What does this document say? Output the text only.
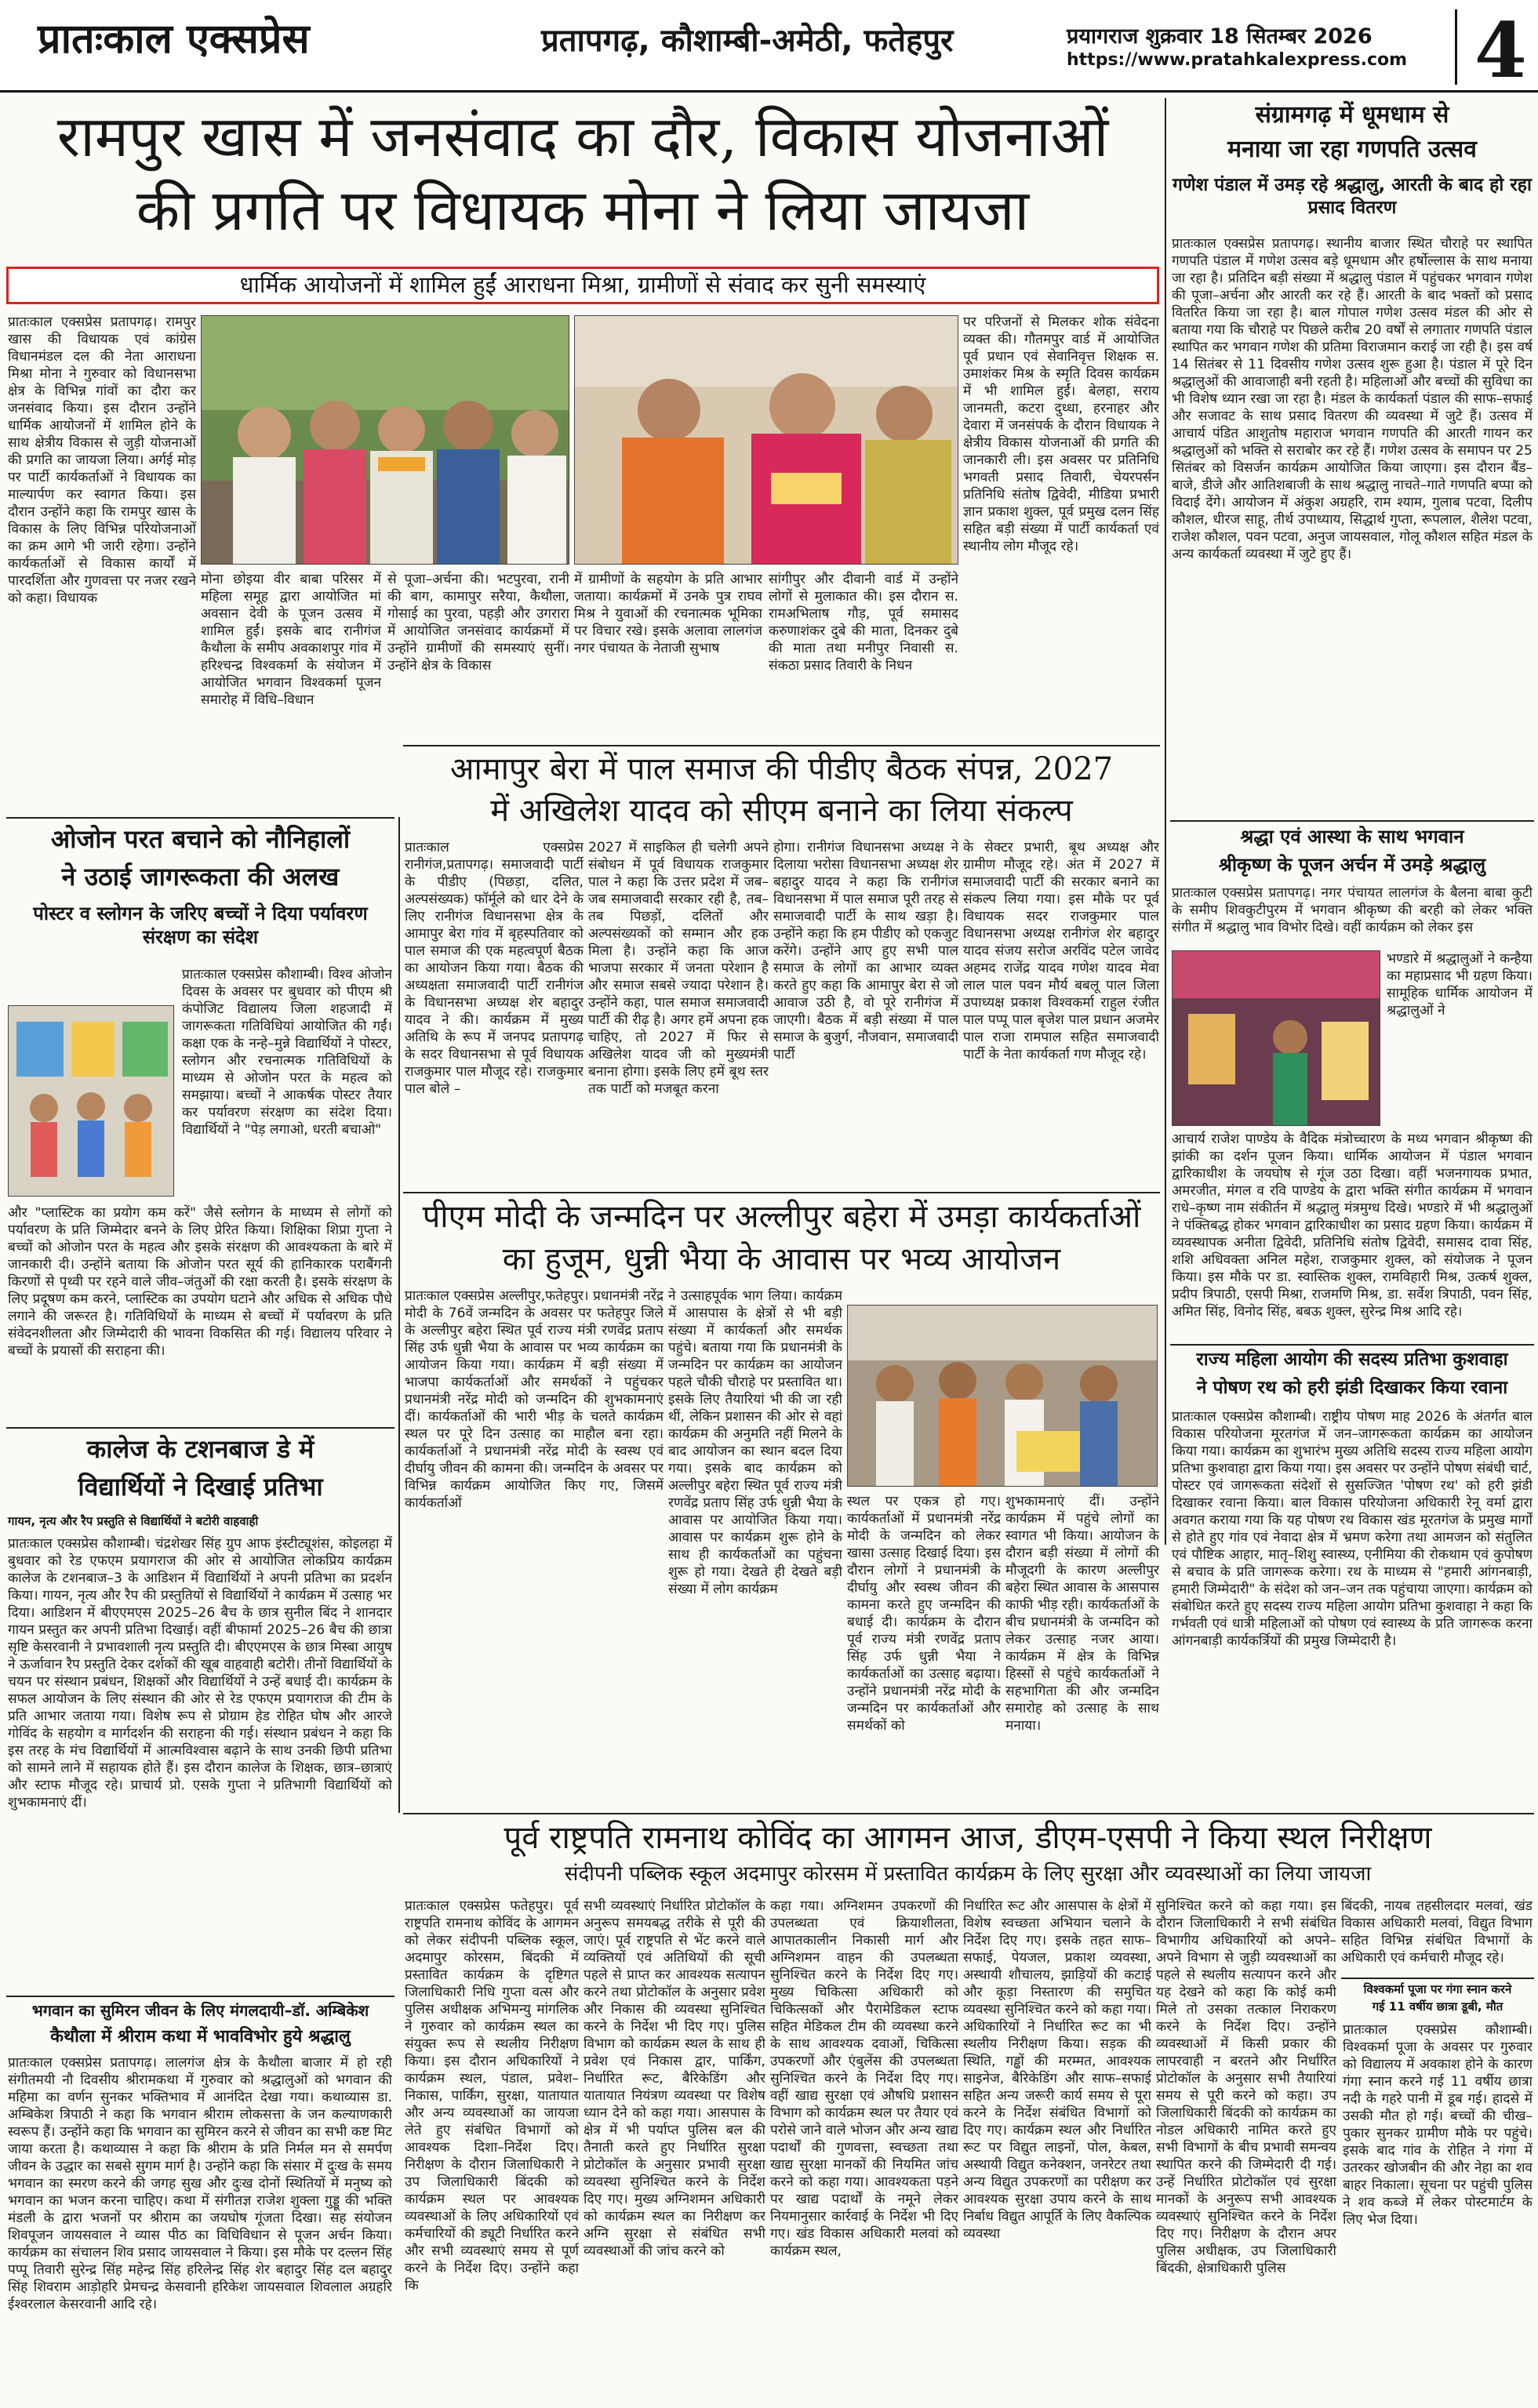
प्रातःकाल एक्सप्रेस	प्रतापगढ़, कौशाम्बी-अमेठी, फतेहपुर	प्रयागराज शुक्रवार 18 सितम्बर 2026
https://www.pratahkalexpress.com 4
रामपुर खास में जनसंवाद का दौर, विकास योजनाओं
की प्रगति पर विधायक मोना ने लिया जायजा
धार्मिक आयोजनों में शामिल हुईं आराधना मिश्रा, ग्रामीणों से संवाद कर सुनी समस्याएं
प्रातःकाल एक्सप्रेस प्रतापगढ़। रामपुर खास की विधायक एवं कांग्रेस विधानमंडल दल की नेता आराधना मिश्रा मोना ने गुरुवार को विधानसभा क्षेत्र के विभिन्न गांवों का दौरा कर जनसंवाद किया। इस दौरान उन्होंने धार्मिक आयोजनों में शामिल होने के साथ क्षेत्रीय विकास से जुड़ी योजनाओं की प्रगति का जायजा लिया। अर्गई मोड़ पर पार्टी कार्यकर्ताओं ने विधायक का माल्यार्पण कर स्वागत किया। इस दौरान उन्होंने कहा कि रामपुर खास के विकास के लिए विभिन्न परियोजनाओं का क्रम आगे भी जारी रहेगा। उन्होंने कार्यकर्ताओं से विकास कार्यों में पारदर्शिता और गुणवत्ता पर नजर रखने को कहा। विधायक
पर परिजनों से मिलकर शोक संवेदना व्यक्त की। गौतमपुर वार्ड में आयोजित पूर्व प्रधान एवं सेवानिवृत्त शिक्षक स. उमाशंकर मिश्र के स्मृति दिवस कार्यक्रम में भी शामिल हुईं। बेलहा, सराय जानमती, कटरा दुध्धा, हरनाहर और देवारा में जनसंपर्क के दौरान विधायक ने क्षेत्रीय विकास योजनाओं की प्रगति की जानकारी ली। इस अवसर पर प्रतिनिधि भगवती प्रसाद तिवारी, चेयरपर्सन प्रतिनिधि संतोष द्विवेदी, मीडिया प्रभारी ज्ञान प्रकाश शुक्ल, पूर्व प्रमुख दलन सिंह सहित बड़ी संख्या में पार्टी कार्यकर्ता एवं स्थानीय लोग मौजूद रहे।
मोना छोइया वीर बाबा परिसर में महिला समूह द्वारा आयोजित मां अवसान देवी के पूजन उत्सव में शामिल हुईं। इसके बाद रानीगंज कैथौला के समीप अवकाशपुर गांव में हरिश्चन्द्र विश्वकर्मा के संयोजन में आयोजित भगवान विश्वकर्मा पूजन समारोह में विधि–विधान
से पूजा–अर्चना की। भटपुरवा, रानी की बाग, कामापुर सरैया, कैथौला, गोसाई का पुरवा, पहड़ी और उगरारा में आयोजित जनसंवाद कार्यक्रमों में उन्होंने ग्रामीणों की समस्याएं सुनीं। उन्होंने क्षेत्र के विकास
में ग्रामीणों के सहयोग के प्रति आभार जताया। कार्यक्रमों में उनके पुत्र राघव मिश्र ने युवाओं की रचनात्मक भूमिका पर विचार रखे। इसके अलावा लालगंज नगर पंचायत के नेताजी सुभाष
सांगीपुर और दीवानी वार्ड में उन्होंने लोगों से मुलाकात की। इस दौरान स. रामअभिलाष गौड़, पूर्व समासद करुणाशंकर दुबे की माता, दिनकर दुबे की माता तथा मनीपुर निवासी स. संकठा प्रसाद तिवारी के निधन
ओजोन परत बचाने को नौनिहालों
ने उठाई जागरूकता की अलख
पोस्टर व स्लोगन के जरिए बच्चों ने दिया पर्यावरण संरक्षण का संदेश
प्रातःकाल एक्सप्रेस कौशाम्बी। विश्व ओजोन दिवस के अवसर पर बुधवार को पीएम श्री कंपोजिट विद्यालय जिला शहजादी में जागरूकता गतिविधियां आयोजित की गईं। कक्षा एक के नन्हे–मुन्ने विद्यार्थियों ने पोस्टर, स्लोगन और रचनात्मक गतिविधियों के माध्यम से ओजोन परत के महत्व को समझाया। बच्चों ने आकर्षक पोस्टर तैयार कर पर्यावरण संरक्षण का संदेश दिया। विद्यार्थियों ने "पेड़ लगाओ, धरती बचाओ"
और "प्लास्टिक का प्रयोग कम करें" जैसे स्लोगन के माध्यम से लोगों को पर्यावरण के प्रति जिम्मेदार बनने के लिए प्रेरित किया। शिक्षिका शिप्रा गुप्ता ने बच्चों को ओजोन परत के महत्व और इसके संरक्षण की आवश्यकता के बारे में जानकारी दी। उन्होंने बताया कि ओजोन परत सूर्य की हानिकारक पराबैंगनी किरणों से पृथ्वी पर रहने वाले जीव–जंतुओं की रक्षा करती है। इसके संरक्षण के लिए प्रदूषण कम करने, प्लास्टिक का उपयोग घटाने और अधिक से अधिक पौधे लगाने की जरूरत है। गतिविधियों के माध्यम से बच्चों में पर्यावरण के प्रति संवेदनशीलता और जिम्मेदारी की भावना विकसित की गई। विद्यालय परिवार ने बच्चों के प्रयासों की सराहना की।
कालेज के टशनबाज डे में
विद्यार्थियों ने दिखाई प्रतिभा
गायन, नृत्य और रैप प्रस्तुति से विद्यार्थियों ने बटोरी वाहवाही
प्रातःकाल एक्सप्रेस कौशाम्बी। चंद्रशेखर सिंह ग्रुप आफ इंस्टीट्यूशंस, कोइलहा में बुधवार को रेड एफएम प्रयागराज की ओर से आयोजित लोकप्रिय कार्यक्रम कालेज के टशनबाज–3 के आडिशन में विद्यार्थियों ने अपनी प्रतिभा का प्रदर्शन किया। गायन, नृत्य और रैप की प्रस्तुतियों से विद्यार्थियों ने कार्यक्रम में उत्साह भर दिया। आडिशन में बीएएमएस 2025–26 बैच के छात्र सुनील बिंद ने शानदार गायन प्रस्तुत कर अपनी प्रतिभा दिखाई। वहीं बीफार्मा 2025–26 बैच की छात्रा सृष्टि केसरवानी ने प्रभावशाली नृत्य प्रस्तुति दी। बीएएमएस के छात्र मिस्बा आयुष ने ऊर्जावान रैप प्रस्तुति देकर दर्शकों की खूब वाहवाही बटोरी। तीनों विद्यार्थियों के चयन पर संस्थान प्रबंधन, शिक्षकों और विद्यार्थियों ने उन्हें बधाई दी। कार्यक्रम के सफल आयोजन के लिए संस्थान की ओर से रेड एफएम प्रयागराज की टीम के प्रति आभार जताया गया। विशेष रूप से प्रोग्राम हेड रोहित घोष और आरजे गोविंद के सहयोग व मार्गदर्शन की सराहना की गई। संस्थान प्रबंधन ने कहा कि इस तरह के मंच विद्यार्थियों में आत्मविश्वास बढ़ाने के साथ उनकी छिपी प्रतिभा को सामने लाने में सहायक होते हैं। इस दौरान कालेज के शिक्षक, छात्र–छात्राएं और स्टाफ मौजूद रहे। प्राचार्य प्रो. एसके गुप्ता ने प्रतिभागी विद्यार्थियों को शुभकामनाएं दीं।
भगवान का सुमिरन जीवन के लिए मंगलदायी–डॉ. अम्बिकेश
कैथौला में श्रीराम कथा में भावविभोर हुये श्रद्धालु
प्रातःकाल एक्सप्रेस प्रतापगढ़। लालगंज क्षेत्र के कैथौला बाजार में हो रही संगीतमयी नौ दिवसीय श्रीरामकथा में गुरुवार को श्रद्धालुओं को भगवान की महिमा का वर्णन सुनकर भक्तिभाव में आनंदित देखा गया। कथाव्यास डा. अम्बिकेश त्रिपाठी ने कहा कि भगवान श्रीराम लोकसत्ता के जन कल्याणकारी स्वरूप हैं। उन्होंने कहा कि भगवान का सुमिरन करने से जीवन का सभी कष्ट मिट जाया करता है। कथाव्यास ने कहा कि श्रीराम के प्रति निर्मल मन से समर्पण जीवन के उद्धार का सबसे सुगम मार्ग है। उन्होंने कहा कि संसार में दुःख के समय भगवान का स्मरण करने की जगह सुख और दुःख दोनों स्थितियों में मनुष्य को भगवान का भजन करना चाहिए। कथा में संगीतज्ञ राजेश शुक्ला गुड्डू की भक्ति मंडली के द्वारा भजनों पर श्रीराम का जयघोष गूंजता दिखा। सह संयोजन शिवपूजन जायसवाल ने व्यास पीठ का विधिविधान से पूजन अर्चन किया। कार्यक्रम का संचालन शिव प्रसाद जायसवाल ने किया। इस मौके पर दल्लन सिंह पप्पू तिवारी सुरेन्द्र सिंह महेन्द्र सिंह हरिलेन्द्र सिंह शेर बहादुर सिंह दल बहादुर सिंह शिवराम आड़ोहरि प्रेमचन्द्र केसवानी हरिकेश जायसवाल शिवलाल अग्रहरि ईश्वरलाल केसरवानी आदि रहे।
आमापुर बेरा में पाल समाज की पीडीए बैठक संपन्न, 2027
में अखिलेश यादव को सीएम बनाने का लिया संकल्प
प्रातःकाल एक्सप्रेस रानीगंज,प्रतापगढ़। समाजवादी पार्टी के पीडीए (पिछड़ा, दलित, अल्पसंख्यक) फॉर्मूले को धार देने के लिए रानीगंज विधानसभा क्षेत्र के आमापुर बेरा गांव में बृहस्पतिवार को पाल समाज की एक महत्वपूर्ण बैठक का आयोजन किया गया। बैठक की अध्यक्षता समाजवादी पार्टी रानीगंज के विधानसभा अध्यक्ष शेर बहादुर यादव ने की। कार्यक्रम में मुख्य अतिथि के रूप में जनपद प्रतापगढ़ के सदर विधानसभा से पूर्व विधायक राजकुमार पाल मौजूद रहे। राजकुमार पाल बोले –
2027 में साइकिल ही चलेगी अपने संबोधन में पूर्व विधायक राजकुमार पाल ने कहा कि उत्तर प्रदेश में जब–जब समाजवादी सरकार रही है, तब–तब पिछड़ों, दलितों और अल्पसंख्यकों को सम्मान और हक मिला है। उन्होंने कहा कि आज भाजपा सरकार में जनता परेशान है और समाज सबसे ज्यादा परेशान है। उन्होंने कहा, पाल समाज समाजवादी पार्टी की रीढ़ है। अगर हमें अपना हक चाहिए, तो 2027 में फिर से अखिलेश यादव जी को मुख्यमंत्री बनाना होगा। इसके लिए हमें बूथ स्तर तक पार्टी को मजबूत करना
होगा। रानीगंज विधानसभा अध्यक्ष ने दिलाया भरोसा विधानसभा अध्यक्ष शेर बहादुर यादव ने कहा कि रानीगंज विधानसभा में पाल समाज पूरी तरह से समाजवादी पार्टी के साथ खड़ा है। उन्होंने कहा कि हम पीडीए को एकजुट करेंगे। उन्होंने आए हुए सभी पाल समाज के लोगों का आभार व्यक्त करते हुए कहा कि आमापुर बेरा से जो आवाज उठी है, वो पूरे रानीगंज में जाएगी। बैठक में बड़ी संख्या में पाल समाज के बुजुर्ग, नौजवान, समाजवादी पार्टी
के सेक्टर प्रभारी, बूथ अध्यक्ष और ग्रामीण मौजूद रहे। अंत में 2027 में समाजवादी पार्टी की सरकार बनाने का संकल्प लिया गया। इस मौके पर पूर्व विधायक सदर राजकुमार पाल विधानसभा अध्यक्ष रानीगंज शेर बहादुर यादव संजय सरोज अरविंद पटेल जावेद अहमद राजेंद्र यादव गणेश यादव मेवा लाल पाल पवन मौर्य बबलू पाल जिला उपाध्यक्ष प्रकाश विश्वकर्मा राहुल रंजीत पाल पप्पू पाल बृजेश पाल प्रधान अजमेर पाल राजा रामपाल सहित समाजवादी पार्टी के नेता कार्यकर्ता गण मौजूद रहे।
पीएम मोदी के जन्मदिन पर अल्लीपुर बहेरा में उमड़ा कार्यकर्ताओं
का हुजूम, धुन्नी भैया के आवास पर भव्य आयोजन
प्रातःकाल एक्सप्रेस अल्लीपुर,फतेहपुर। प्रधानमंत्री नरेंद्र मोदी के 76वें जन्मदिन के अवसर पर फतेहपुर जिले के अल्लीपुर बहेरा स्थित पूर्व राज्य मंत्री रणवेंद्र प्रताप सिंह उर्फ धुन्नी भैया के आवास पर भव्य कार्यक्रम का आयोजन किया गया। कार्यक्रम में बड़ी संख्या में भाजपा कार्यकर्ताओं और समर्थकों ने पहुंचकर प्रधानमंत्री नरेंद्र मोदी को जन्मदिन की शुभकामनाएं दीं। कार्यकर्ताओं की भारी भीड़ के चलते कार्यक्रम स्थल पर पूरे दिन उत्साह का माहौल बना रहा। कार्यकर्ताओं ने प्रधानमंत्री नरेंद्र मोदी के स्वस्थ एवं दीर्घायु जीवन की कामना की। जन्मदिन के अवसर पर विभिन्न कार्यक्रम आयोजित किए गए, जिसमें कार्यकर्ताओं
ने उत्साहपूर्वक भाग लिया। कार्यक्रम में आसपास के क्षेत्रों से भी बड़ी संख्या में कार्यकर्ता और समर्थक पहुंचे। बताया गया कि प्रधानमंत्री के जन्मदिन पर कार्यक्रम का आयोजन पहले चौकी चौराहे पर प्रस्तावित था। इसके लिए तैयारियां भी की जा रही थीं, लेकिन प्रशासन की ओर से वहां कार्यक्रम की अनुमति नहीं मिलने के बाद आयोजन का स्थान बदल दिया गया। इसके बाद कार्यक्रम को अल्लीपुर बहेरा स्थित पूर्व राज्य मंत्री रणवेंद्र प्रताप सिंह उर्फ धुन्नी भैया के आवास पर आयोजित किया गया। आवास पर कार्यक्रम शुरू होने के साथ ही कार्यकर्ताओं का पहुंचना शुरू हो गया। देखते ही देखते बड़ी संख्या में लोग कार्यक्रम
स्थल पर एकत्र हो गए। कार्यकर्ताओं में प्रधानमंत्री नरेंद्र मोदी के जन्मदिन को लेकर खासा उत्साह दिखाई दिया। इस दौरान लोगों ने प्रधानमंत्री के दीर्घायु और स्वस्थ जीवन की कामना करते हुए जन्मदिन की बधाई दी। कार्यक्रम के दौरान पूर्व राज्य मंत्री रणवेंद्र प्रताप सिंह उर्फ धुन्नी भैया ने कार्यकर्ताओं का उत्साह बढ़ाया। उन्होंने प्रधानमंत्री नरेंद्र मोदी के जन्मदिन पर कार्यकर्ताओं और समर्थकों को
शुभकामनाएं दीं। उन्होंने कार्यक्रम में पहुंचे लोगों का स्वागत भी किया। आयोजन के दौरान बड़ी संख्या में लोगों की मौजूदगी के कारण अल्लीपुर बहेरा स्थित आवास के आसपास काफी भीड़ रही। कार्यकर्ताओं के बीच प्रधानमंत्री के जन्मदिन को लेकर उत्साह नजर आया। कार्यक्रम में क्षेत्र के विभिन्न हिस्सों से पहुंचे कार्यकर्ताओं ने सहभागिता की और जन्मदिन समारोह को उत्साह के साथ मनाया।
पूर्व राष्ट्रपति रामनाथ कोविंद का आगमन आज, डीएम-एसपी ने किया स्थल निरीक्षण
संदीपनी पब्लिक स्कूल अदमापुर कोरसम में प्रस्तावित कार्यक्रम के लिए सुरक्षा और व्यवस्थाओं का लिया जायजा
प्रातःकाल एक्सप्रेस फतेहपुर। पूर्व राष्ट्रपति रामनाथ कोविंद के आगमन को लेकर संदीपनी पब्लिक स्कूल, अदमापुर कोरसम, बिंदकी में प्रस्तावित कार्यक्रम के दृष्टिगत जिलाधिकारी निधि गुप्ता वत्स और पुलिस अधीक्षक अभिमन्यु मांगलिक ने गुरुवार को कार्यक्रम स्थल का संयुक्त रूप से स्थलीय निरीक्षण किया। इस दौरान अधिकारियों ने कार्यक्रम स्थल, पंडाल, प्रवेश–निकास, पार्किंग, सुरक्षा, यातायात और अन्य व्यवस्थाओं का जायजा लेते हुए संबंधित विभागों को आवश्यक दिशा–निर्देश दिए। निरीक्षण के दौरान जिलाधिकारी ने उप जिलाधिकारी बिंदकी को कार्यक्रम स्थल पर आवश्यक व्यवस्थाओं के लिए अधिकारियों एवं कर्मचारियों की ड्यूटी निर्धारित करने और सभी व्यवस्थाएं समय से पूर्ण करने के निर्देश दिए। उन्होंने कहा कि
सभी व्यवस्थाएं निर्धारित प्रोटोकॉल के अनुरूप समयबद्ध तरीके से पूरी की जाएं। पूर्व राष्ट्रपति से भेंट करने वाले व्यक्तियों एवं अतिथियों की सूची पहले से प्राप्त कर आवश्यक सत्यापन करने तथा प्रोटोकॉल के अनुसार प्रवेश और निकास की व्यवस्था सुनिश्चित करने के निर्देश भी दिए गए। पुलिस विभाग को कार्यक्रम स्थल के साथ ही प्रवेश एवं निकास द्वार, पार्किंग, निर्धारित रूट, बैरिकेडिंग और यातायात नियंत्रण व्यवस्था पर विशेष ध्यान देने को कहा गया। आसपास के क्षेत्र में भी पर्याप्त पुलिस बल की तैनाती करते हुए निर्धारित सुरक्षा प्रोटोकॉल के अनुसार प्रभावी सुरक्षा व्यवस्था सुनिश्चित करने के निर्देश दिए गए। मुख्य अग्निशमन अधिकारी को कार्यक्रम स्थल का निरीक्षण कर अग्नि सुरक्षा से संबंधित सभी व्यवस्थाओं की जांच करने को
कहा गया। अग्निशमन उपकरणों की उपलब्धता एवं क्रियाशीलता, आपातकालीन निकासी मार्ग और अग्निशमन वाहन की उपलब्धता सुनिश्चित करने के निर्देश दिए गए। मुख्य चिकित्सा अधिकारी को चिकित्सकों और पैरामेडिकल स्टाफ सहित मेडिकल टीम की व्यवस्था करने के साथ आवश्यक दवाओं, चिकित्सा उपकरणों और एंबुलेंस की उपलब्धता सुनिश्चित करने के निर्देश दिए गए। वहीं खाद्य सुरक्षा एवं औषधि प्रशासन विभाग को कार्यक्रम स्थल पर तैयार एवं परोसे जाने वाले भोजन और अन्य खाद्य पदार्थों की गुणवत्ता, स्वच्छता तथा खाद्य सुरक्षा मानकों की नियमित जांच करने को कहा गया। आवश्यकता पड़ने पर खाद्य पदार्थों के नमूने लेकर नियमानुसार कार्रवाई के निर्देश भी दिए गए। खंड विकास अधिकारी मलवां को कार्यक्रम स्थल,
निर्धारित रूट और आसपास के क्षेत्रों में विशेष स्वच्छता अभियान चलाने के निर्देश दिए गए। इसके तहत साफ–सफाई, पेयजल, प्रकाश व्यवस्था, अस्थायी शौचालय, झाड़ियों की कटाई और कूड़ा निस्तारण की समुचित व्यवस्था सुनिश्चित करने को कहा गया। अधिकारियों ने निर्धारित रूट का भी स्थलीय निरीक्षण किया। सड़क की स्थिति, गड्ढों की मरम्मत, आवश्यक साइनेज, बैरिकेडिंग और साफ–सफाई सहित अन्य जरूरी कार्य समय से पूरा करने के निर्देश संबंधित विभागों को दिए गए। कार्यक्रम स्थल और निर्धारित रूट पर विद्युत लाइनों, पोल, केबल, अस्थायी विद्युत कनेक्शन, जनरेटर तथा अन्य विद्युत उपकरणों का परीक्षण कर आवश्यक सुरक्षा उपाय करने के साथ निर्बाध विद्युत आपूर्ति के लिए वैकल्पिक व्यवस्था
सुनिश्चित करने को कहा गया। इस दौरान जिलाधिकारी ने सभी संबंधित विभागीय अधिकारियों को अपने–अपने विभाग से जुड़ी व्यवस्थाओं का पहले से स्थलीय सत्यापन करने और यह देखने को कहा कि कोई कमी मिले तो उसका तत्काल निराकरण करने के निर्देश दिए। उन्होंने व्यवस्थाओं में किसी प्रकार की लापरवाही न बरतने और निर्धारित प्रोटोकॉल के अनुसार सभी तैयारियां समय से पूरी करने को कहा। उप जिलाधिकारी बिंदकी को कार्यक्रम का नोडल अधिकारी नामित करते हुए सभी विभागों के बीच प्रभावी समन्वय स्थापित करने की जिम्मेदारी दी गई। उन्हें निर्धारित प्रोटोकॉल एवं सुरक्षा मानकों के अनुरूप सभी आवश्यक व्यवस्थाएं सुनिश्चित करने के निर्देश दिए गए। निरीक्षण के दौरान अपर पुलिस अधीक्षक, उप जिलाधिकारी बिंदकी, क्षेत्राधिकारी पुलिस
संग्रामगढ़ में धूमधाम से
मनाया जा रहा गणपति उत्सव
गणेश पंडाल में उमड़ रहे श्रद्धालु, आरती के बाद हो रहा प्रसाद वितरण
प्रातःकाल एक्सप्रेस प्रतापगढ़। स्थानीय बाजार स्थित चौराहे पर स्थापित गणपति पंडाल में गणेश उत्सव बड़े धूमधाम और हर्षोल्लास के साथ मनाया जा रहा है। प्रतिदिन बड़ी संख्या में श्रद्धालु पंडाल में पहुंचकर भगवान गणेश की पूजा–अर्चना और आरती कर रहे हैं। आरती के बाद भक्तों को प्रसाद वितरित किया जा रहा है। बाल गोपाल गणेश उत्सव मंडल की ओर से बताया गया कि चौराहे पर पिछले करीब 20 वर्षों से लगातार गणपति पंडाल स्थापित कर भगवान गणेश की प्रतिमा विराजमान कराई जा रही है। इस वर्ष 14 सितंबर से 11 दिवसीय गणेश उत्सव शुरू हुआ है। पंडाल में पूरे दिन श्रद्धालुओं की आवाजाही बनी रहती है। महिलाओं और बच्चों की सुविधा का भी विशेष ध्यान रखा जा रहा है। मंडल के कार्यकर्ता पंडाल की साफ–सफाई और सजावट के साथ प्रसाद वितरण की व्यवस्था में जुटे हैं। उत्सव में आचार्य पंडित आशुतोष महाराज भगवान गणपति की आरती गायन कर श्रद्धालुओं को भक्ति से सराबोर कर रहे हैं। गणेश उत्सव के समापन पर 25 सितंबर को विसर्जन कार्यक्रम आयोजित किया जाएगा। इस दौरान बैंड–बाजे, डीजे और आतिशबाजी के साथ श्रद्धालु नाचते–गाते गणपति बप्पा को विदाई देंगे। आयोजन में अंकुश अग्रहरि, राम श्याम, गुलाब पटवा, दिलीप कौशल, धीरज साहू, तीर्थ उपाध्याय, सिद्धार्थ गुप्ता, रूपलाल, शैलेश पटवा, राजेश कौशल, पवन पटवा, अनुज जायसवाल, गोलू कौशल सहित मंडल के अन्य कार्यकर्ता व्यवस्था में जुटे हुए हैं।
श्रद्धा एवं आस्था के साथ भगवान
श्रीकृष्ण के पूजन अर्चन में उमड़े श्रद्धालु
प्रातःकाल एक्सप्रेस प्रतापगढ़। नगर पंचायत लालगंज के बैलना बाबा कुटी के समीप शिवकुटीपुरम में भगवान श्रीकृष्ण की बरही को लेकर भक्ति संगीत में श्रद्धालु भाव विभोर दिखे। वहीं कार्यक्रम को लेकर इस
भण्डारे में श्रद्धालुओं ने कन्हैया का महाप्रसाद भी ग्रहण किया। सामूहिक धार्मिक आयोजन में श्रद्धालुओं ने
आचार्य राजेश पाण्डेय के वैदिक मंत्रोच्चारण के मध्य भगवान श्रीकृष्ण की झांकी का दर्शन पूजन किया। धार्मिक आयोजन में पंडाल भगवान द्वारिकाधीश के जयघोष से गूंज उठा दिखा। वहीं भजनगायक प्रभात, अमरजीत, मंगल व रवि पाण्डेय के द्वारा भक्ति संगीत कार्यक्रम में भगवान राधे–कृष्ण नाम संकीर्तन में श्रद्धालु मंत्रमुग्ध दिखे। भण्डारे में भी श्रद्धालुओं ने पंक्तिबद्ध होकर भगवान द्वारिकाधीश का प्रसाद ग्रहण किया। कार्यक्रम में व्यवस्थापक अनीता द्विवेदी, प्रतिनिधि संतोष द्विवेदी, समासद दावा सिंह, शशि अधिवक्ता अनिल महेश, राजकुमार शुक्ल, को संयोजक ने पूजन किया। इस मौके पर डा. स्वास्तिक शुक्ल, रामविहारी मिश्र, उत्कर्ष शुक्ल, प्रदीप त्रिपाठी, एसपी मिश्रा, राजमणि मिश्र, डा. सर्वेश त्रिपाठी, पवन सिंह, अमित सिंह, विनोद सिंह, बबऊ शुक्ल, सुरेन्द्र मिश्र आदि रहे।
राज्य महिला आयोग की सदस्य प्रतिभा कुशवाहा
ने पोषण रथ को हरी झंडी दिखाकर किया रवाना
प्रातःकाल एक्सप्रेस कौशाम्बी। राष्ट्रीय पोषण माह 2026 के अंतर्गत बाल विकास परियोजना मूरतगंज में जन–जागरूकता कार्यक्रम का आयोजन किया गया। कार्यक्रम का शुभारंभ मुख्य अतिथि सदस्य राज्य महिला आयोग प्रतिभा कुशवाहा द्वारा किया गया। इस अवसर पर उन्होंने पोषण संबंधी चार्ट, पोस्टर एवं जागरूकता संदेशों से सुसज्जित 'पोषण रथ' को हरी झंडी दिखाकर रवाना किया। बाल विकास परियोजना अधिकारी रेनू वर्मा द्वारा अवगत कराया गया कि यह पोषण रथ विकास खंड मूरतगंज के प्रमुख मार्गों से होते हुए गांव एवं नेवादा क्षेत्र में भ्रमण करेगा तथा आमजन को संतुलित एवं पौष्टिक आहार, मातृ–शिशु स्वास्थ्य, एनीमिया की रोकथाम एवं कुपोषण से बचाव के प्रति जागरूक करेगा। रथ के माध्यम से "हमारी आंगनबाड़ी, हमारी जिम्मेदारी" के संदेश को जन–जन तक पहुंचाया जाएगा। कार्यक्रम को संबोधित करते हुए सदस्य राज्य महिला आयोग प्रतिभा कुशवाहा ने कहा कि गर्भवती एवं धात्री महिलाओं को पोषण एवं स्वास्थ्य के प्रति जागरूक करना आंगनबाड़ी कार्यकर्त्रियों की प्रमुख जिम्मेदारी है।
बिंदकी, नायब तहसीलदार मलवां, खंड विकास अधिकारी मलवां, विद्युत विभाग सहित विभिन्न संबंधित विभागों के अधिकारी एवं कर्मचारी मौजूद रहे।
विश्वकर्मा पूजा पर गंगा स्नान करने
गई 11 वर्षीय छात्रा डूबी, मौत
प्रातःकाल एक्सप्रेस कौशाम्बी। विश्वकर्मा पूजा के अवसर पर गुरुवार को विद्यालय में अवकाश होने के कारण गंगा स्नान करने गई 11 वर्षीय छात्रा नदी के गहरे पानी में डूब गई। हादसे में उसकी मौत हो गई। बच्चों की चीख–पुकार सुनकर ग्रामीण मौके पर पहुंचे। इसके बाद गांव के रोहित ने गंगा में उतरकर खोजबीन की और नेहा का शव बाहर निकाला। सूचना पर पहुंची पुलिस ने शव कब्जे में लेकर पोस्टमार्टम के लिए भेज दिया।
